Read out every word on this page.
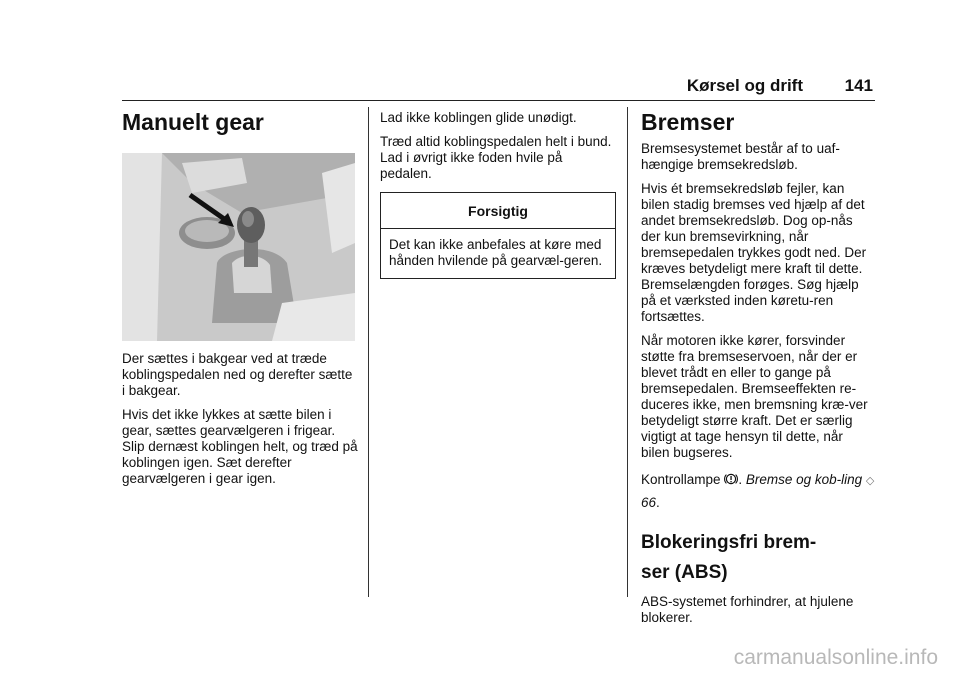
Kørsel og drift 141
Manuelt gear

Der sættes i bakgear ved at træde koblingspedalen ned og derefter sætte i bakgear.

Hvis det ikke lykkes at sætte bilen i gear, sættes gearvælgeren i frigear. Slip dernæst koblingen helt, og træd på koblingen igen. Sæt derefter gearvælgeren i gear igen.

Lad ikke koblingen glide unødigt.

Træd altid koblingspedalen helt i bund. Lad i øvrigt ikke foden hvile på pedalen.

Forsigtig

Det kan ikke anbefales at køre med hånden hvilende på gearvæl-geren.

Bremser

Bremsesystemet består af to uaf-hængige bremsekredsløb.

Hvis ét bremsekredsløb fejler, kan bilen stadig bremses ved hjælp af det andet bremsekredsløb. Dog op-nås der kun bremsevirkning, når bremsepedalen trykkes godt ned. Der kræves betydeligt mere kraft til dette. Bremselængden forøges. Søg hjælp på et værksted inden køretu-ren fortsættes.

Når motoren ikke kører, forsvinder støtte fra bremseservoen, når der er blevet trådt en eller to gange på bremsepedalen. Bremseeffekten re-duceres ikke, men bremsning kræ-ver betydeligt større kraft. Det er særlig vigtigt at tage hensyn til dette, når bilen bugseres.

Kontrollampe . Bremse og kob-ling ◇ 66.

Blokeringsfri brem-
ser (ABS)

ABS-systemet forhindrer, at hjulene blokerer.

carmanualsonline.info
